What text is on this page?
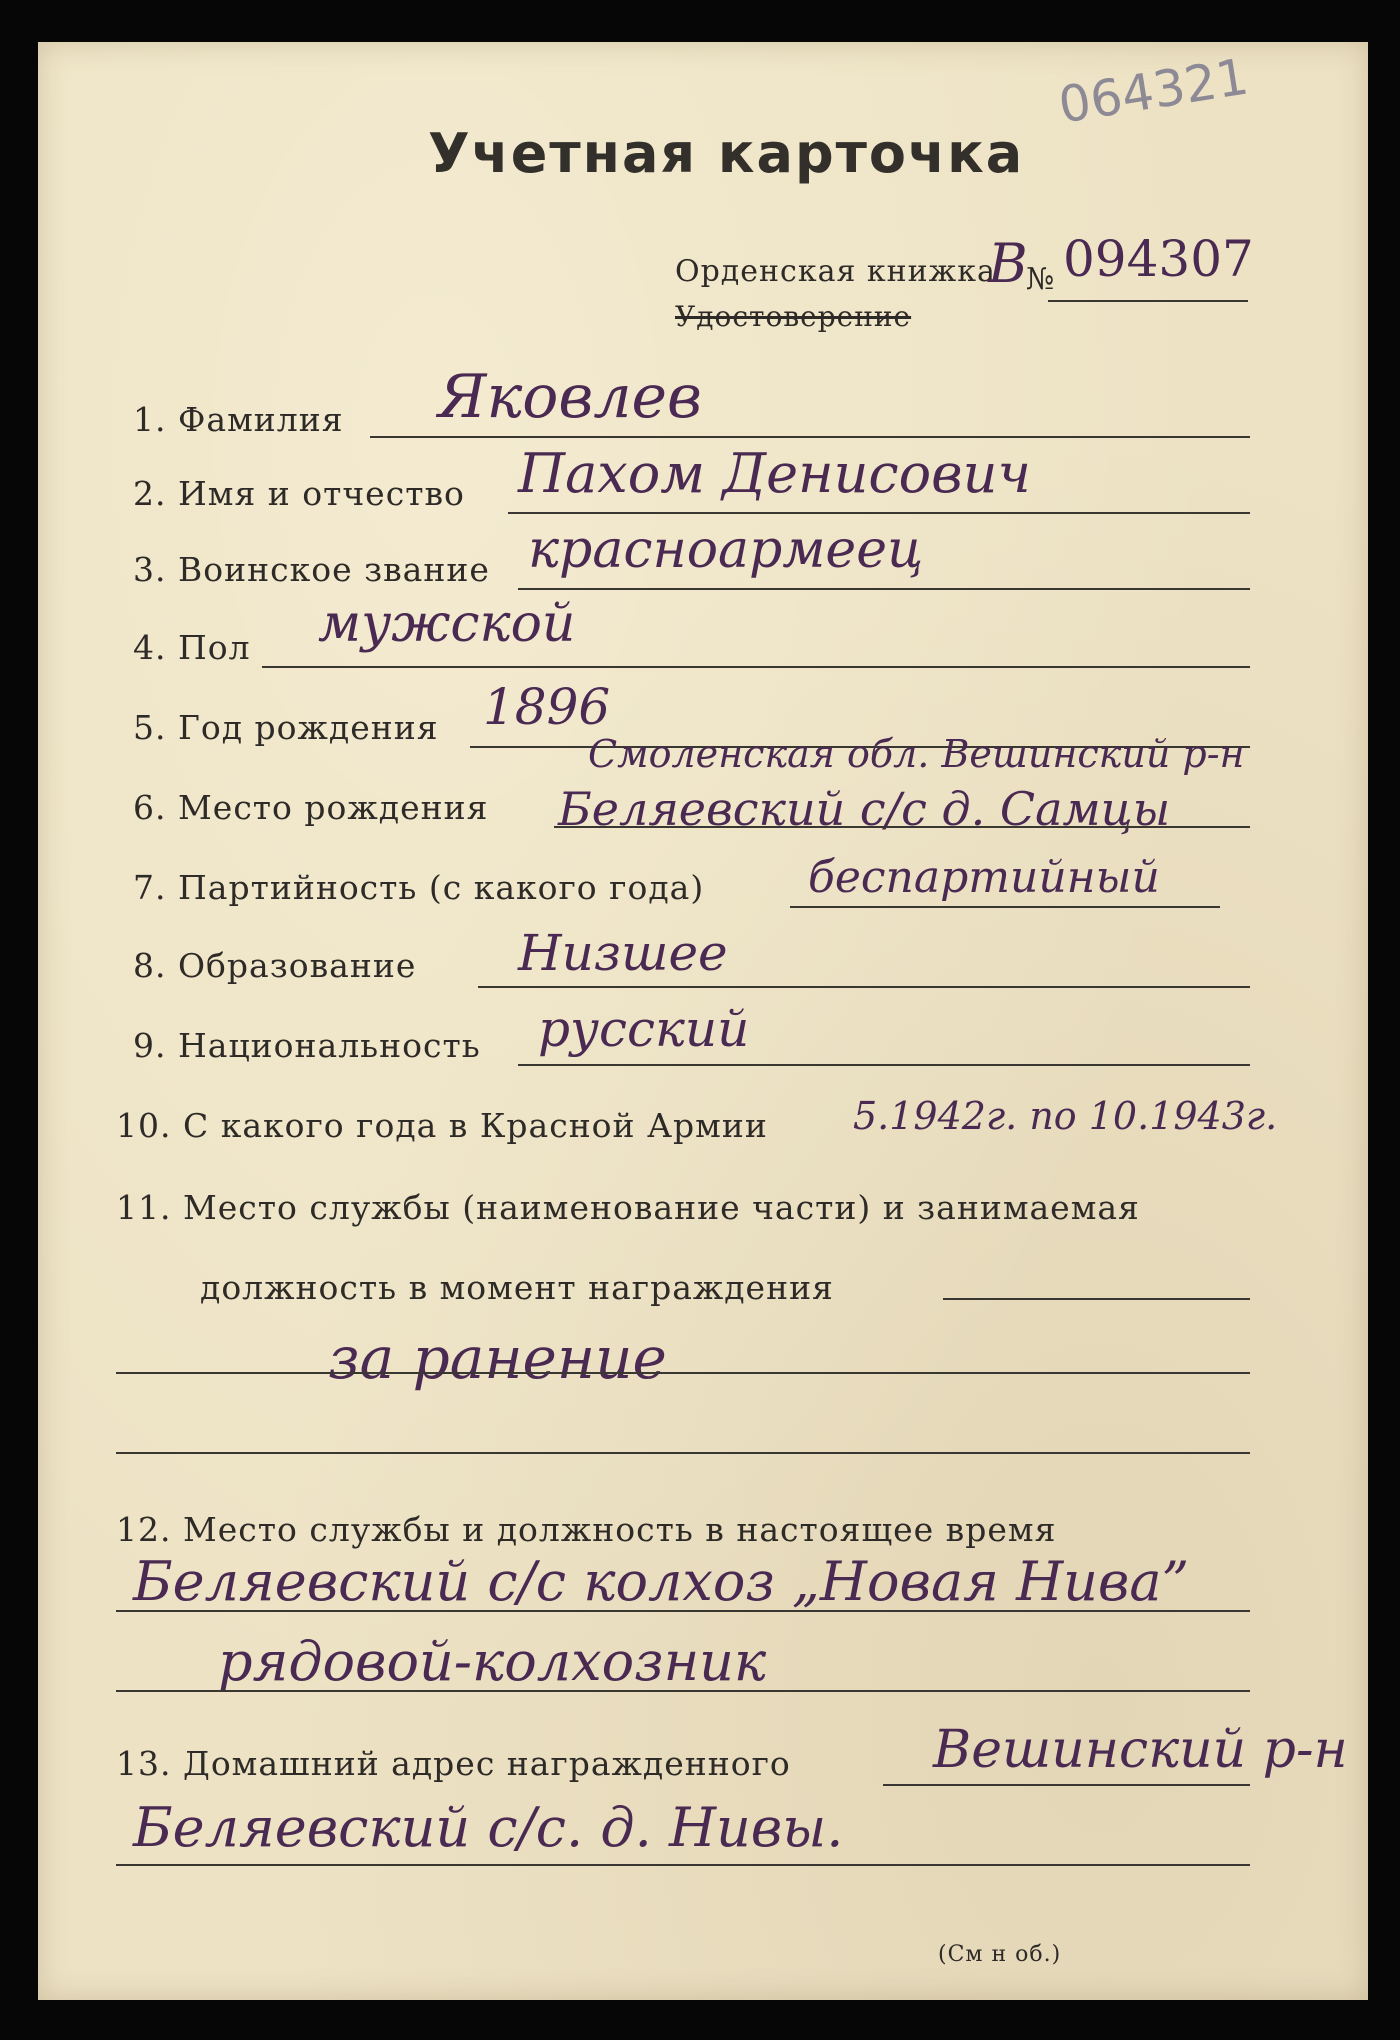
064321
Учетная карточка
Орденская книжка
Удостоверение
В
№ 094307
1. Фамилия Яковлев
2. Имя и отчество Пахом Денисович
3. Воинское звание красноармеец
4. Пол мужской
5. Год рождения 1896
6. Место рождения
Смоленская обл. Вешинский р-н
Беляевский с/с д. Самцы
7. Партийность (с какого года) беспартийный
8. Образование Низшее
9. Национальность русский
10. С какого года в Красной Армии 5.1942г. по 10.1943г.
11. Место службы (наименование части) и занимаемая
должность в момент награждения
за ранение
12. Место службы и должность в настоящее время
Беляевский с/с колхоз „Новая Нива”
рядовой-колхозник
13. Домашний адрес награжденного	Вешинский р-н
Беляевский с/с. д. Нивы.
(См н об.)
